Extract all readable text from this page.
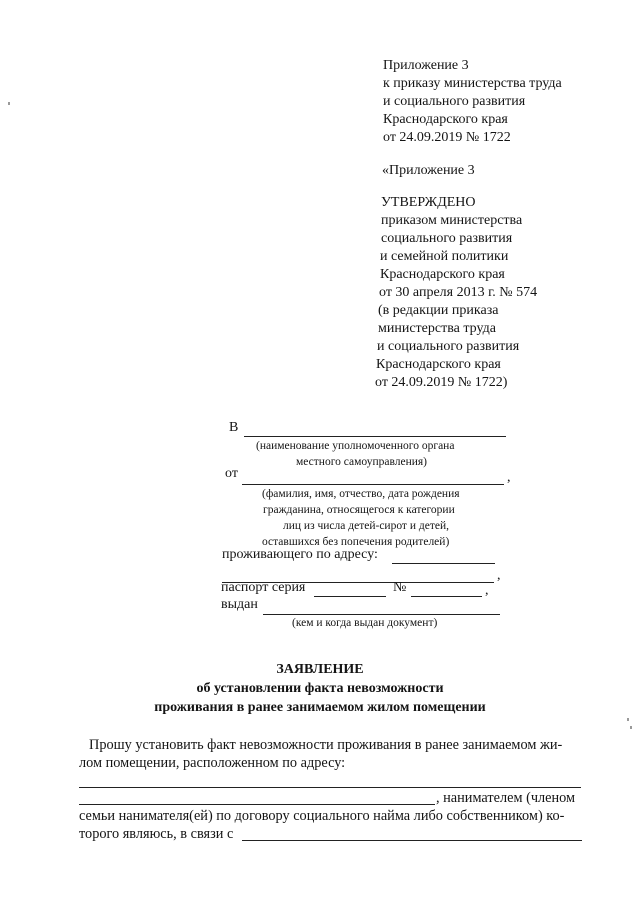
Приложение 3
к приказу министерства труда
и социального развития
Краснодарского края
от 24.09.2019 № 1722
«Приложение 3
УТВЕРЖДЕНО
приказом министерства
социального развития
и семейной политики
Краснодарского края
от 30 апреля 2013 г. № 574
(в редакции приказа
министерства труда
и социального развития
Краснодарского края
от 24.09.2019 № 1722)
В
(наименование уполномоченного органа
местного самоуправления)
от	,
(фамилия, имя, отчество, дата рождения
гражданина, относящегося к категории
лиц из числа детей-сирот и детей,
оставшихся без попечения родителей)
проживающего по адресу:
,
паспорт серия	№	,
выдан
(кем и когда выдан документ)
ЗАЯВЛЕНИЕ
об установлении факта невозможности
проживания в ранее занимаемом жилом помещении
Прошу установить факт невозможности проживания в ранее занимаемом жи-
лом помещении, расположенном по адресу:
, нанимателем (членом
семьи нанимателя(ей) по договору социального найма либо собственником) ко-
торого являюсь, в связи с
